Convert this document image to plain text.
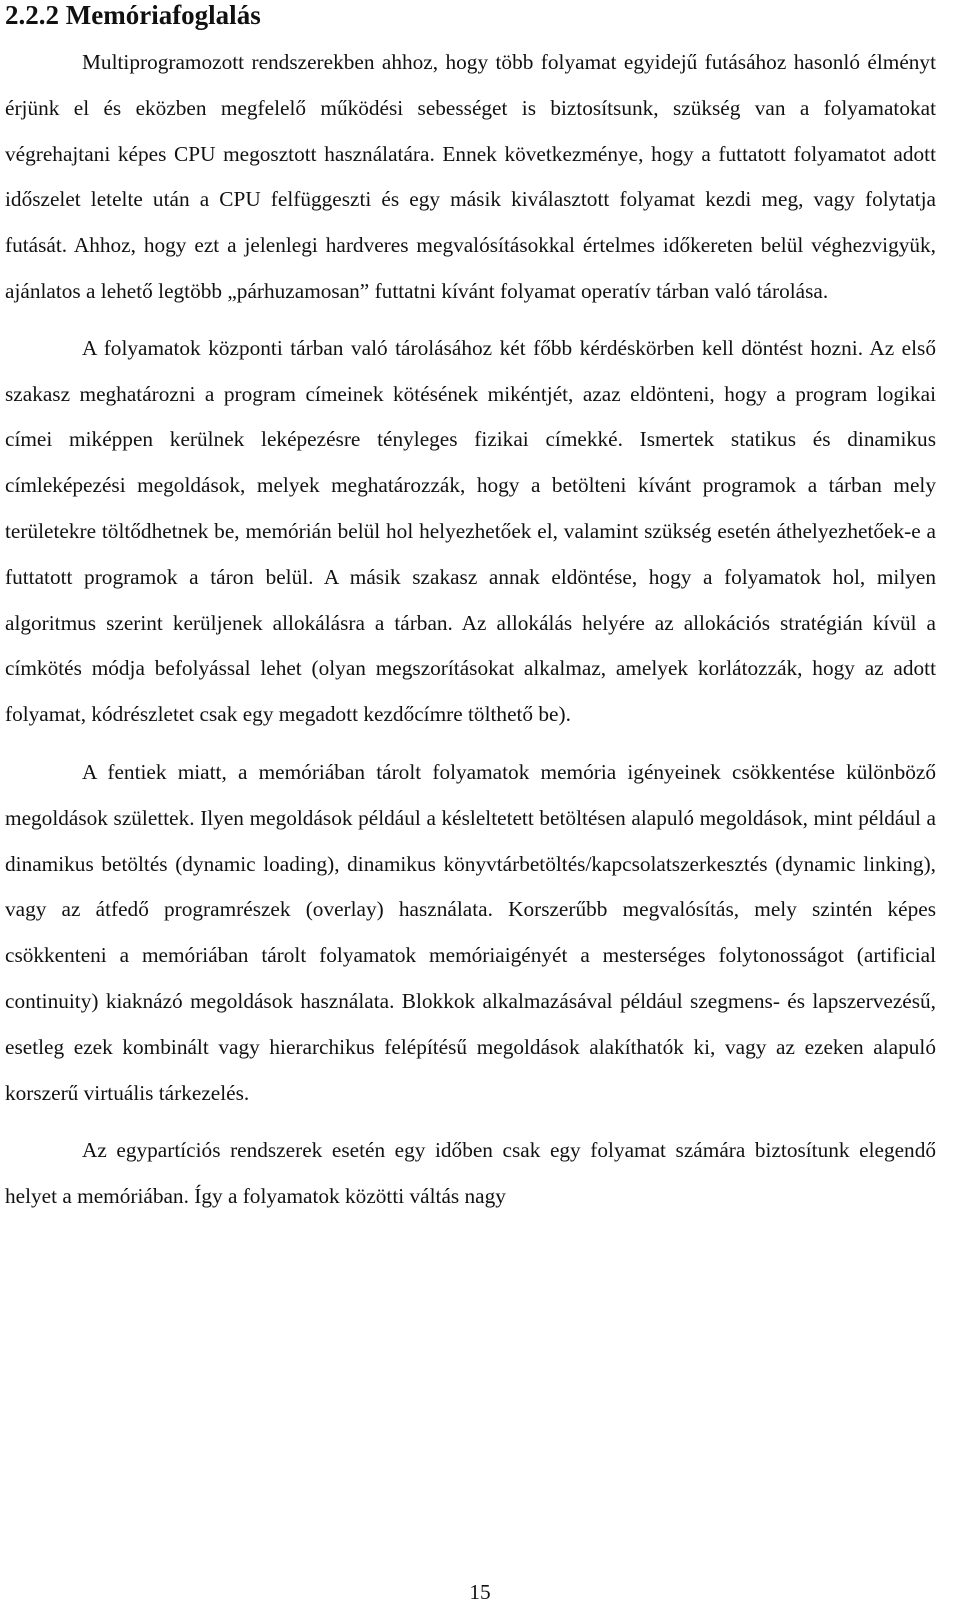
2.2.2 Memóriafoglalás

Multiprogramozott rendszerekben ahhoz, hogy több folyamat egyidejű futásához hasonló élményt érjünk el és eközben megfelelő működési sebességet is biztosítsunk, szükség van a folyamatokat végrehajtani képes CPU megosztott használatára. Ennek következménye, hogy a futtatott folyamatot adott időszelet letelte után a CPU felfüggeszti és egy másik kiválasztott folyamat kezdi meg, vagy folytatja futását. Ahhoz, hogy ezt a jelenlegi hardveres megvalósításokkal értelmes időkereten belül véghezvigyük, ajánlatos a lehető legtöbb „párhuzamosan” futtatni kívánt folyamat operatív tárban való tárolása.

A folyamatok központi tárban való tárolásához két főbb kérdéskörben kell döntést hozni. Az első szakasz meghatározni a program címeinek kötésének mikéntjét, azaz eldönteni, hogy a program logikai címei miképpen kerülnek leképezésre tényleges fizikai címekké. Ismertek statikus és dinamikus címleképezési megoldások, melyek meghatározzák, hogy a betölteni kívánt programok a tárban mely területekre töltődhetnek be, memórián belül hol helyezhetőek el, valamint szükség esetén áthelyezhetőek-e a futtatott programok a táron belül. A másik szakasz annak eldöntése, hogy a folyamatok hol, milyen algoritmus szerint kerüljenek allokálásra a tárban. Az allokálás helyére az allokációs stratégián kívül a címkötés módja befolyással lehet (olyan megszorításokat alkalmaz, amelyek korlátozzák, hogy az adott folyamat, kódrészletet csak egy megadott kezdőcímre tölthető be).

A fentiek miatt, a memóriában tárolt folyamatok memória igényeinek csökkentése különböző megoldások születtek. Ilyen megoldások például a késleltetett betöltésen alapuló megoldások, mint például a dinamikus betöltés (dynamic loading), dinamikus könyvtárbetöltés/kapcsolatszerkesztés (dynamic linking), vagy az átfedő programrészek (overlay) használata. Korszerűbb megvalósítás, mely szintén képes csökkenteni a memóriában tárolt folyamatok memóriaigényét a mesterséges folytonosságot (artificial continuity) kiaknázó megoldások használata. Blokkok alkalmazásával például szegmens- és lapszervezésű, esetleg ezek kombinált vagy hierarchikus felépítésű megoldások alakíthatók ki, vagy az ezeken alapuló korszerű virtuális tárkezelés.

Az egypartíciós rendszerek esetén egy időben csak egy folyamat számára biztosítunk elegendő helyet a memóriában. Így a folyamatok közötti váltás nagy

15
